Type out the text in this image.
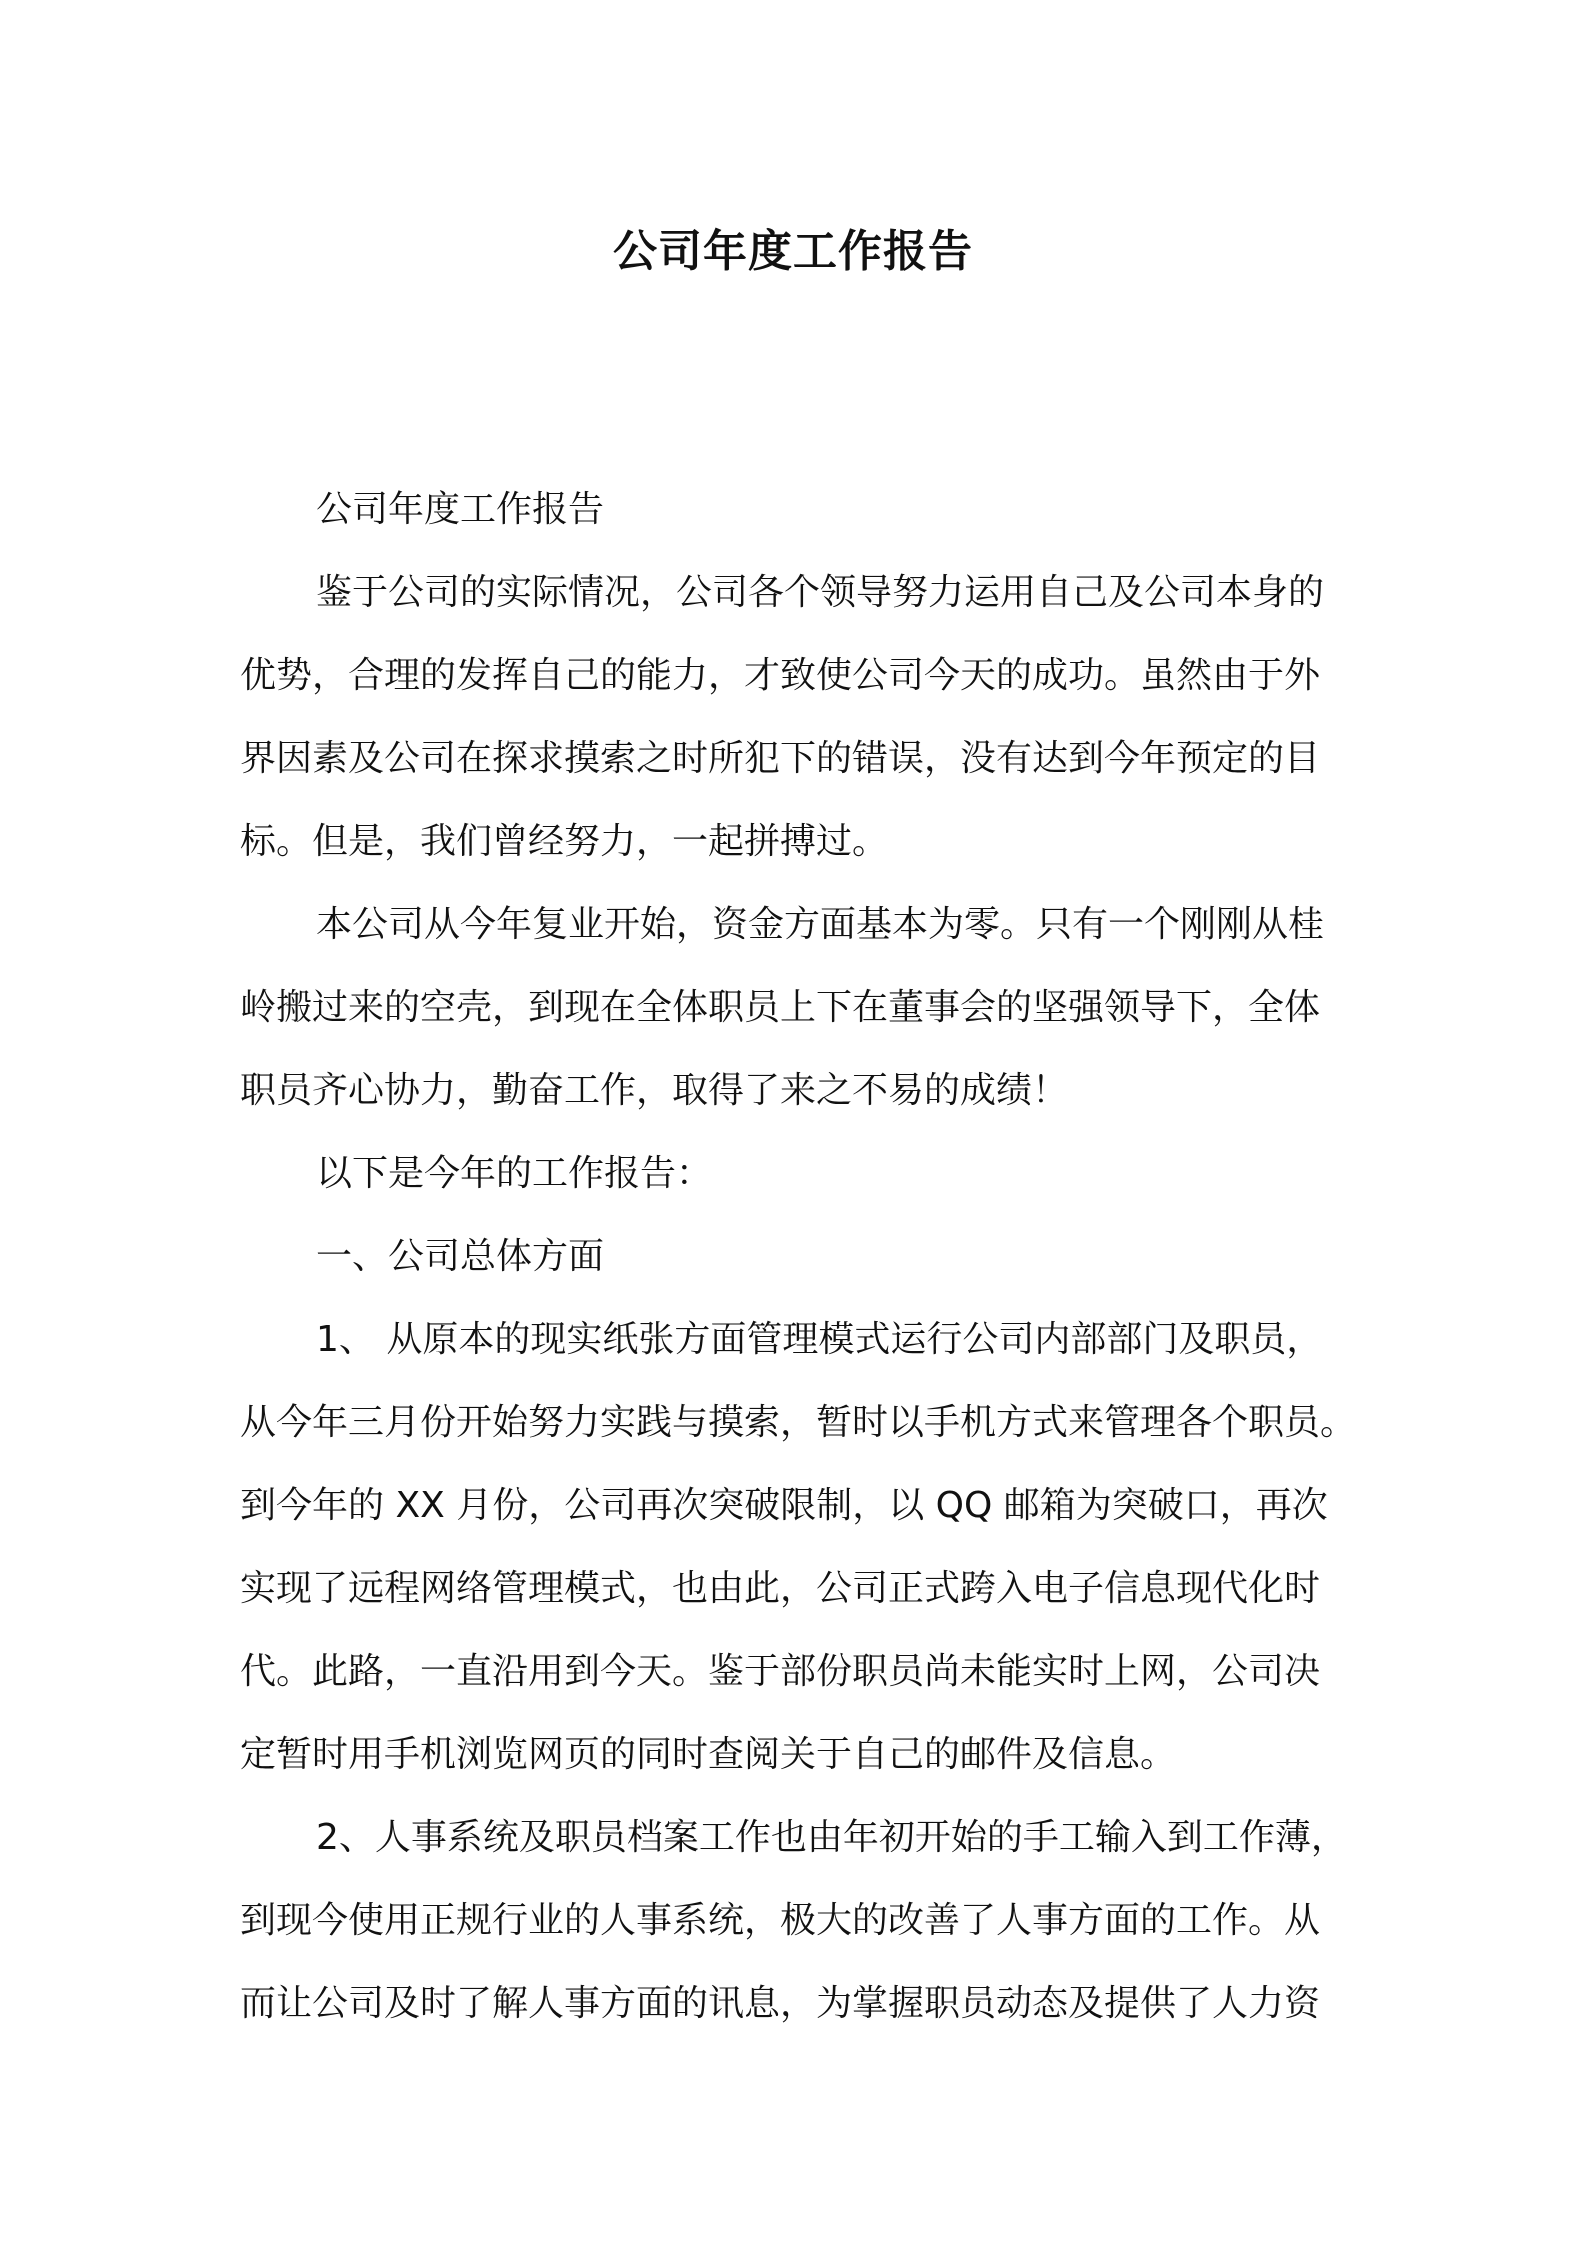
公司年度工作报告
公司年度工作报告
鉴于公司的实际情况，公司各个领导努力运用自己及公司本身的
优势，合理的发挥自己的能力，才致使公司今天的成功。虽然由于外
界因素及公司在探求摸索之时所犯下的错误，没有达到今年预定的目
标。但是，我们曾经努力，一起拼搏过。
本公司从今年复业开始，资金方面基本为零。只有一个刚刚从桂
岭搬过来的空壳，到现在全体职员上下在董事会的坚强领导下，全体
职员齐心协力，勤奋工作，取得了来之不易的成绩！
以下是今年的工作报告：
一、公司总体方面
1、 从原本的现实纸张方面管理模式运行公司内部部门及职员，
从今年三月份开始努力实践与摸索，暂时以手机方式来管理各个职员。
到今年的 XX 月份，公司再次突破限制，以 QQ 邮箱为突破口，再次
实现了远程网络管理模式，也由此，公司正式跨入电子信息现代化时
代。此路，一直沿用到今天。鉴于部份职员尚未能实时上网，公司决
定暂时用手机浏览网页的同时查阅关于自己的邮件及信息。
2、人事系统及职员档案工作也由年初开始的手工输入到工作薄，
到现今使用正规行业的人事系统，极大的改善了人事方面的工作。从
而让公司及时了解人事方面的讯息，为掌握职员动态及提供了人力资
